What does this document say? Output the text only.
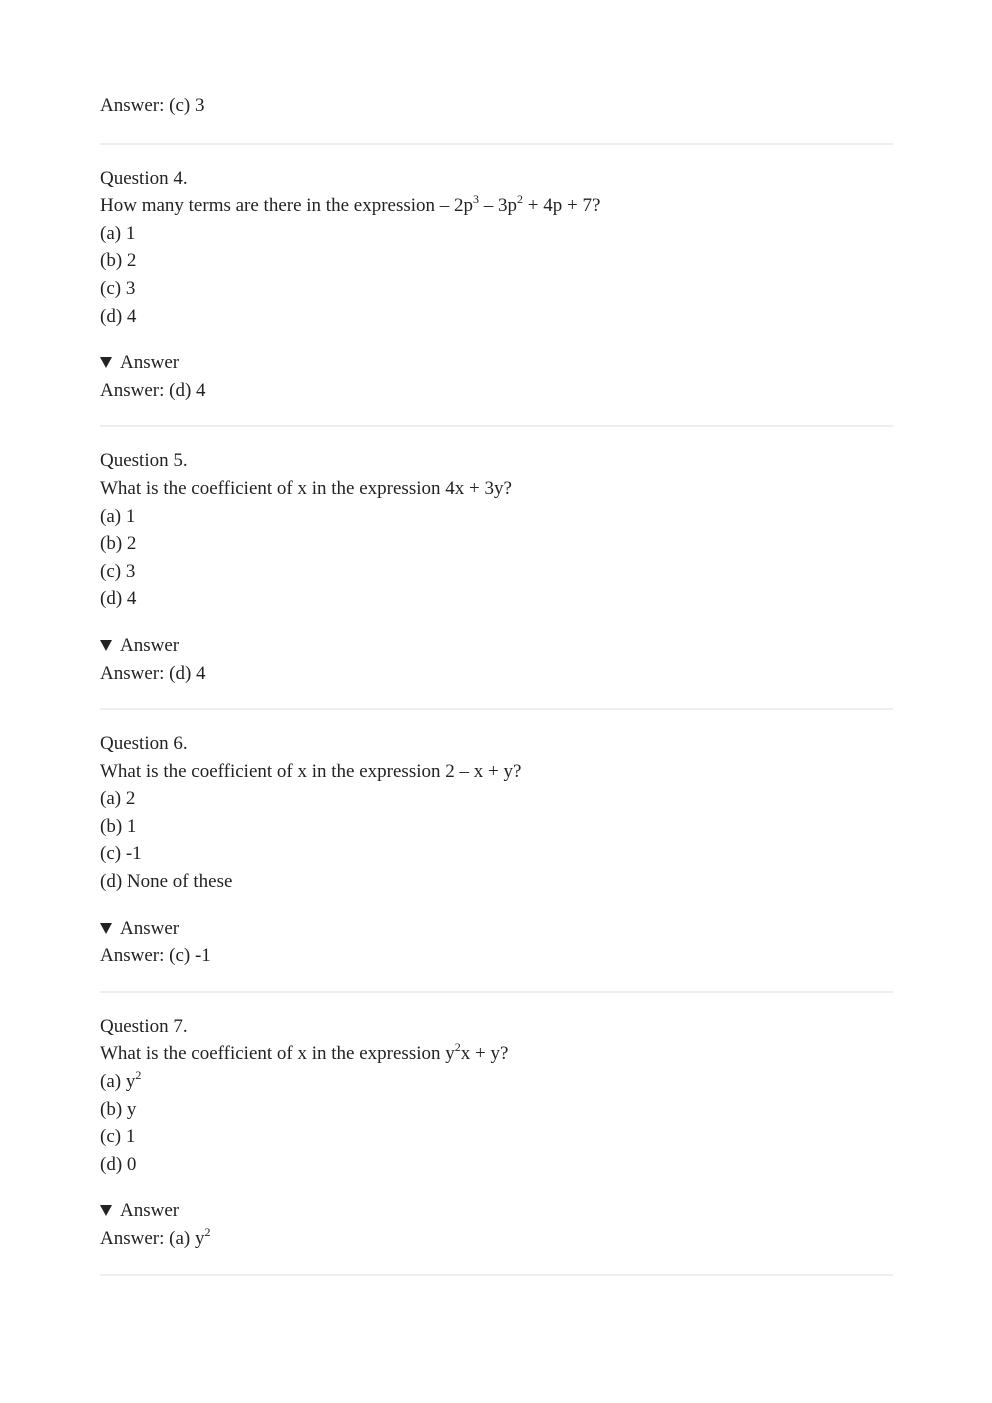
Answer: (c) 3
Question 4.
How many terms are there in the expression – $2p^3 - 3p^2 + 4p + 7$?
(a) 1
(b) 2
(c) 3
(d) 4
Answer
Answer: (d) 4
Question 5.
What is the coefficient of x in the expression 4x + 3y?
(a) 1
(b) 2
(c) 3
(d) 4
Answer
Answer: (d) 4
Question 6.
What is the coefficient of x in the expression 2 – x + y?
(a) 2
(b) 1
(c) -1
(d) None of these
Answer
Answer: (c) -1
Question 7.
What is the coefficient of x in the expression $y^2x + y$?
(a) $y^2$
(b) y
(c) 1
(d) 0
Answer
Answer: (a) $y^2$
